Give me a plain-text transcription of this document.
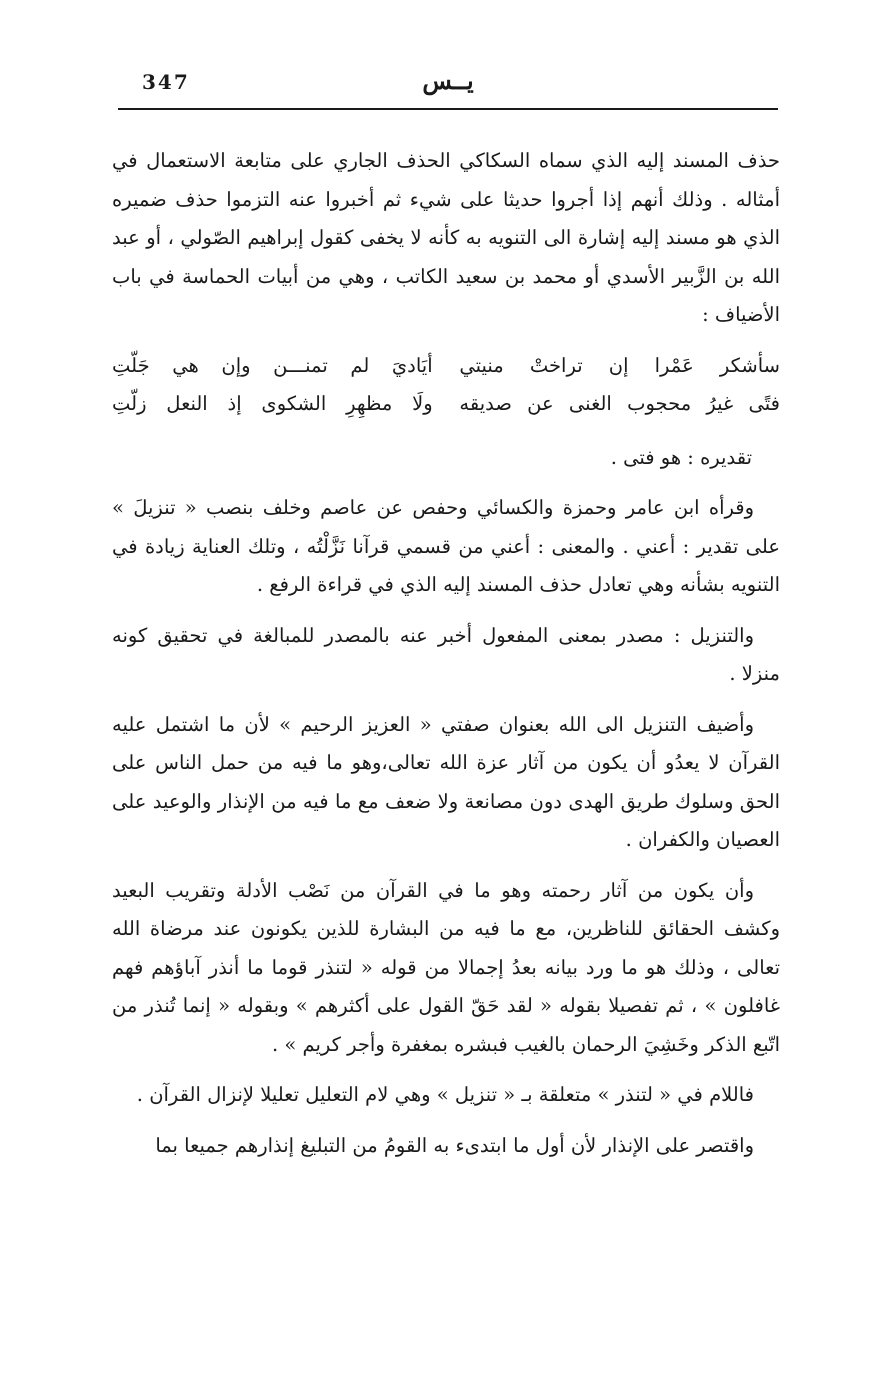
347	يــس

حذف المسند إليه الذي سماه السكاكي الحذف الجاري على متابعة الاستعمال في أمثاله . وذلك أنهم إذا أجروا حديثا على شيء ثم أخبروا عنه التزموا حذف ضميره الذي هو مسند إليه إشارة الى التنويه به كأنه لا يخفى كقول إبراهيم الصّولي ، أو عبد الله بن الزَّبير الأسدي أو محمد بن سعيد الكاتب ، وهي من أبيات الحماسة في باب الأضياف :

سأشكر عَمْرا إن تراختْ منيتي
أيَاديَ لم تمنـــن وإن هي جَلّتِ
فتًى غيرُ محجوب الغنى عن صديقه
ولَا مظهِرِ الشكوى إذ النعل زلّتِ

تقديره : هو فتى .

وقرأه ابن عامر وحمزة والكسائي وحفص عن عاصم وخلف بنصب « تنزيلَ » على تقدير : أعني . والمعنى : أعني من قسمي قرآنا نَزَّلْتُه ، وتلك العناية زيادة في التنويه بشأنه وهي تعادل حذف المسند إليه الذي في قراءة الرفع .

والتنزيل : مصدر بمعنى المفعول أخبر عنه بالمصدر للمبالغة في تحقيق كونه منزلا .

وأضيف التنزيل الى الله بعنوان صفتي « العزيز الرحيم » لأن ما اشتمل عليه القرآن لا يعدُو أن يكون من آثار عزة الله تعالى،وهو ما فيه من حمل الناس على الحق وسلوك طريق الهدى دون مصانعة ولا ضعف مع ما فيه من الإنذار والوعيد على العصيان والكفران .

وأن يكون من آثار رحمته وهو ما في القرآن من نَصْب الأدلة وتقريب البعيد وكشف الحقائق للناظرين، مع ما فيه من البشارة للذين يكونون عند مرضاة الله تعالى ، وذلك هو ما ورد بيانه بعدُ إجمالا من قوله « لتنذر قوما ما أنذر آباؤهم فهم غافلون » ، ثم تفصيلا بقوله « لقد حَقّ القول على أكثرهم » وبقوله « إنما تُنذر من اتّبع الذكر وخَشِيَ الرحمان بالغيب فبشره بمغفرة وأجر كريم » .

فاللام في « لتنذر » متعلقة بـ « تنزيل » وهي لام التعليل تعليلا لإنزال القرآن .

واقتصر على الإنذار لأن أول ما ابتدىء به القومُ من التبليغ إنذارهم جميعا بما
